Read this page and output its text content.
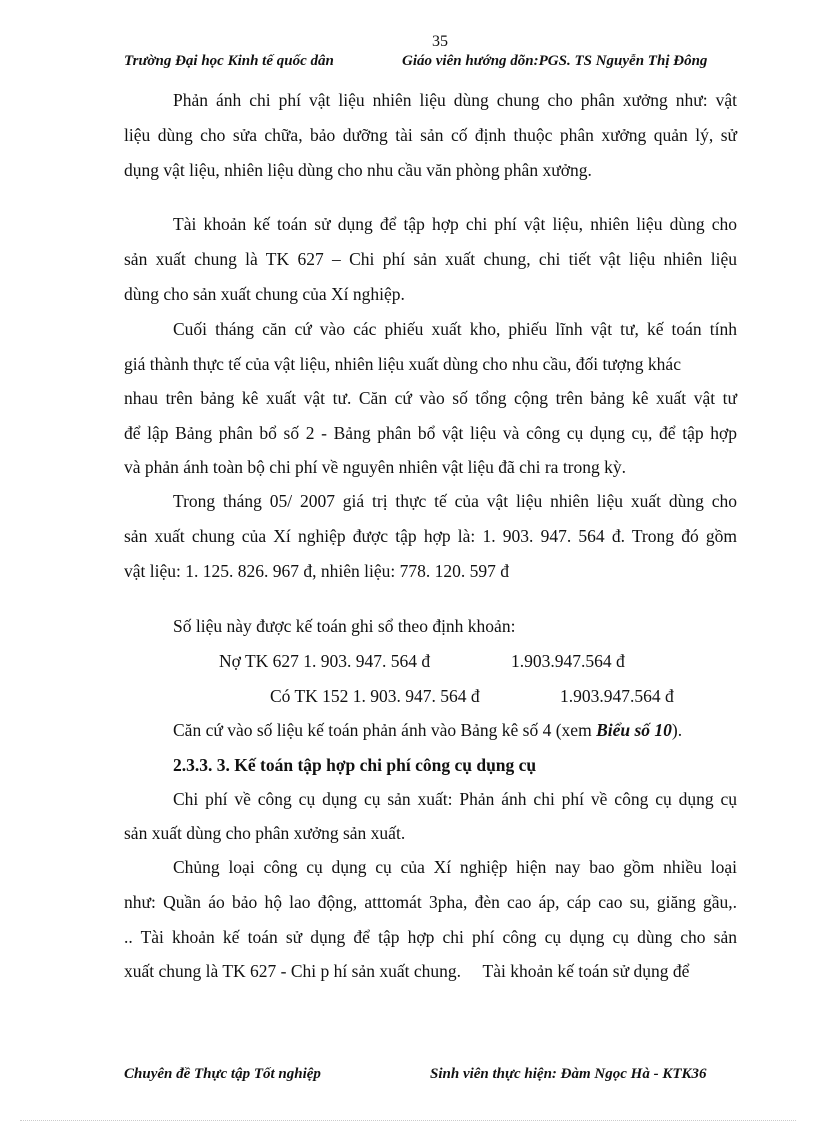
35
Trường Đại học Kinh tế quốc dân	Giáo viên hướng dõn:PGS. TS Nguyễn Thị Đông
Phản ánh chi phí vật liệu nhiên liệu dùng chung cho phân xưởng như: vật
liệu dùng cho sửa chữa, bảo dưỡng tài sản cố định thuộc phân xưởng quản lý, sử
dụng vật liệu, nhiên liệu dùng cho nhu cầu văn phòng phân xưởng.
Tài khoản kế toán sử dụng để tập hợp chi phí vật liệu, nhiên liệu dùng cho
sản xuất chung là TK 627 – Chi phí sản xuất chung, chi tiết vật liệu nhiên liệu
dùng cho sản xuất chung của Xí nghiệp.
Cuối tháng căn cứ vào các phiếu xuất kho, phiếu lĩnh vật tư, kế toán tính
giá thành thực tế của vật liệu, nhiên liệu xuất dùng cho nhu cầu, đối tượng khác
nhau trên bảng kê xuất vật tư. Căn cứ vào số tổng cộng trên bảng kê xuất vật tư
để lập Bảng phân bổ số 2 - Bảng phân bổ vật liệu và công cụ dụng cụ, để tập hợp
và phản ánh toàn bộ chi phí về nguyên nhiên vật liệu đã chi ra trong kỳ.
Trong tháng 05/ 2007 giá trị thực tế của vật liệu nhiên liệu xuất dùng cho
sản xuất chung của Xí nghiệp được tập hợp là: 1. 903. 947. 564 đ. Trong đó gồm
vật liệu: 1. 125. 826. 967 đ, nhiên liệu: 778. 120. 597 đ
Số liệu này được kế toán ghi sổ theo định khoản:
Nợ TK 627 1. 903. 947. 564 đ	1.903.947.564 đ
Có TK 152 1. 903. 947. 564 đ	1.903.947.564 đ
Căn cứ vào số liệu kế toán phản ánh vào Bảng kê số 4 (xem Biểu số 10).
2.3.3. 3. Kế toán tập hợp chi phí công cụ dụng cụ
Chi phí về công cụ dụng cụ sản xuất: Phản ánh chi phí về công cụ dụng cụ
sản xuất dùng cho phân xưởng sản xuất.
Chủng loại công cụ dụng cụ của Xí nghiệp hiện nay bao gồm nhiều loại
như: Quần áo bảo hộ lao động, atttomát 3pha, đèn cao áp, cáp cao su, giăng gầu,.
.. Tài khoản kế toán sử dụng để tập hợp chi phí công cụ dụng cụ dùng cho sản
xuất chung là TK 627 - Chi p hí sản xuất chung.     Tài khoản kế toán sử dụng để
Chuyên đề Thực tập Tốt nghiệp	Sinh viên thực hiện: Đàm Ngọc Hà - KTK36
